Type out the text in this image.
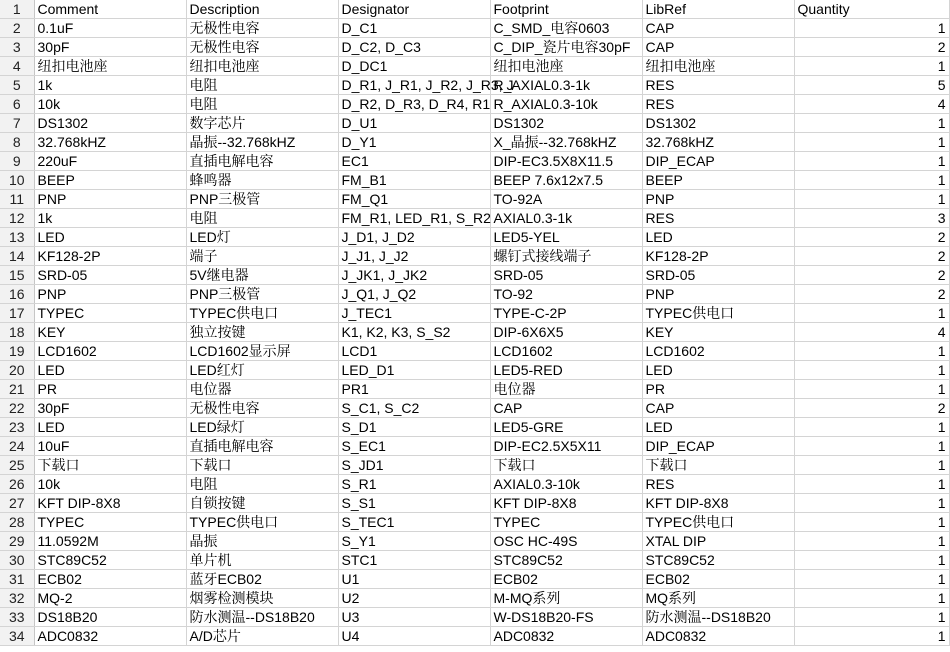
1	Comment	Description	Designator	Footprint	LibRef	Quantity
2	0.1uF	无极性电容	D_C1	C_SMD_电容0603	CAP	1
3	30pF	无极性电容	D_C2, D_C3	C_DIP_瓷片电容30pF	CAP	2
4	纽扣电池座	纽扣电池座	D_DC1	纽扣电池座	纽扣电池座	1
5	1k	电阻	D_R1, J_R1, J_R2, J_R3, J	R_AXIAL0.3-1k	RES	5
6	10k	电阻	D_R2, D_R3, D_R4, R1	R_AXIAL0.3-10k	RES	4
7	DS1302	数字芯片	D_U1	DS1302	DS1302	1
8	32.768kHZ	晶振--32.768kHZ	D_Y1	X_晶振--32.768kHZ	32.768kHZ	1
9	220uF	直插电解电容	EC1	DIP-EC3.5X8X11.5	DIP_ECAP	1
10	BEEP	蜂鸣器	FM_B1	BEEP 7.6x12x7.5	BEEP	1
11	PNP	PNP三极管	FM_Q1	TO-92A	PNP	1
12	1k	电阻	FM_R1, LED_R1, S_R2	AXIAL0.3-1k	RES	3
13	LED	LED灯	J_D1, J_D2	LED5-YEL	LED	2
14	KF128-2P	端子	J_J1, J_J2	螺钉式接线端子	KF128-2P	2
15	SRD-05	5V继电器	J_JK1, J_JK2	SRD-05	SRD-05	2
16	PNP	PNP三极管	J_Q1, J_Q2	TO-92	PNP	2
17	TYPEC	TYPEC供电口	J_TEC1	TYPE-C-2P	TYPEC供电口	1
18	KEY	独立按键	K1, K2, K3, S_S2	DIP-6X6X5	KEY	4
19	LCD1602	LCD1602显示屏	LCD1	LCD1602	LCD1602	1
20	LED	LED红灯	LED_D1	LED5-RED	LED	1
21	PR	电位器	PR1	电位器	PR	1
22	30pF	无极性电容	S_C1, S_C2	CAP	CAP	2
23	LED	LED绿灯	S_D1	LED5-GRE	LED	1
24	10uF	直插电解电容	S_EC1	DIP-EC2.5X5X11	DIP_ECAP	1
25	下载口	下载口	S_JD1	下载口	下载口	1
26	10k	电阻	S_R1	AXIAL0.3-10k	RES	1
27	KFT DIP-8X8	自锁按键	S_S1	KFT DIP-8X8	KFT DIP-8X8	1
28	TYPEC	TYPEC供电口	S_TEC1	TYPEC	TYPEC供电口	1
29	11.0592M	晶振	S_Y1	OSC HC-49S	XTAL DIP	1
30	STC89C52	单片机	STC1	STC89C52	STC89C52	1
31	ECB02	蓝牙ECB02	U1	ECB02	ECB02	1
32	MQ-2	烟雾检测模块	U2	M-MQ系列	MQ系列	1
33	DS18B20	防水测温--DS18B20	U3	W-DS18B20-FS	防水测温--DS18B20	1
34	ADC0832	A/D芯片	U4	ADC0832	ADC0832	1
